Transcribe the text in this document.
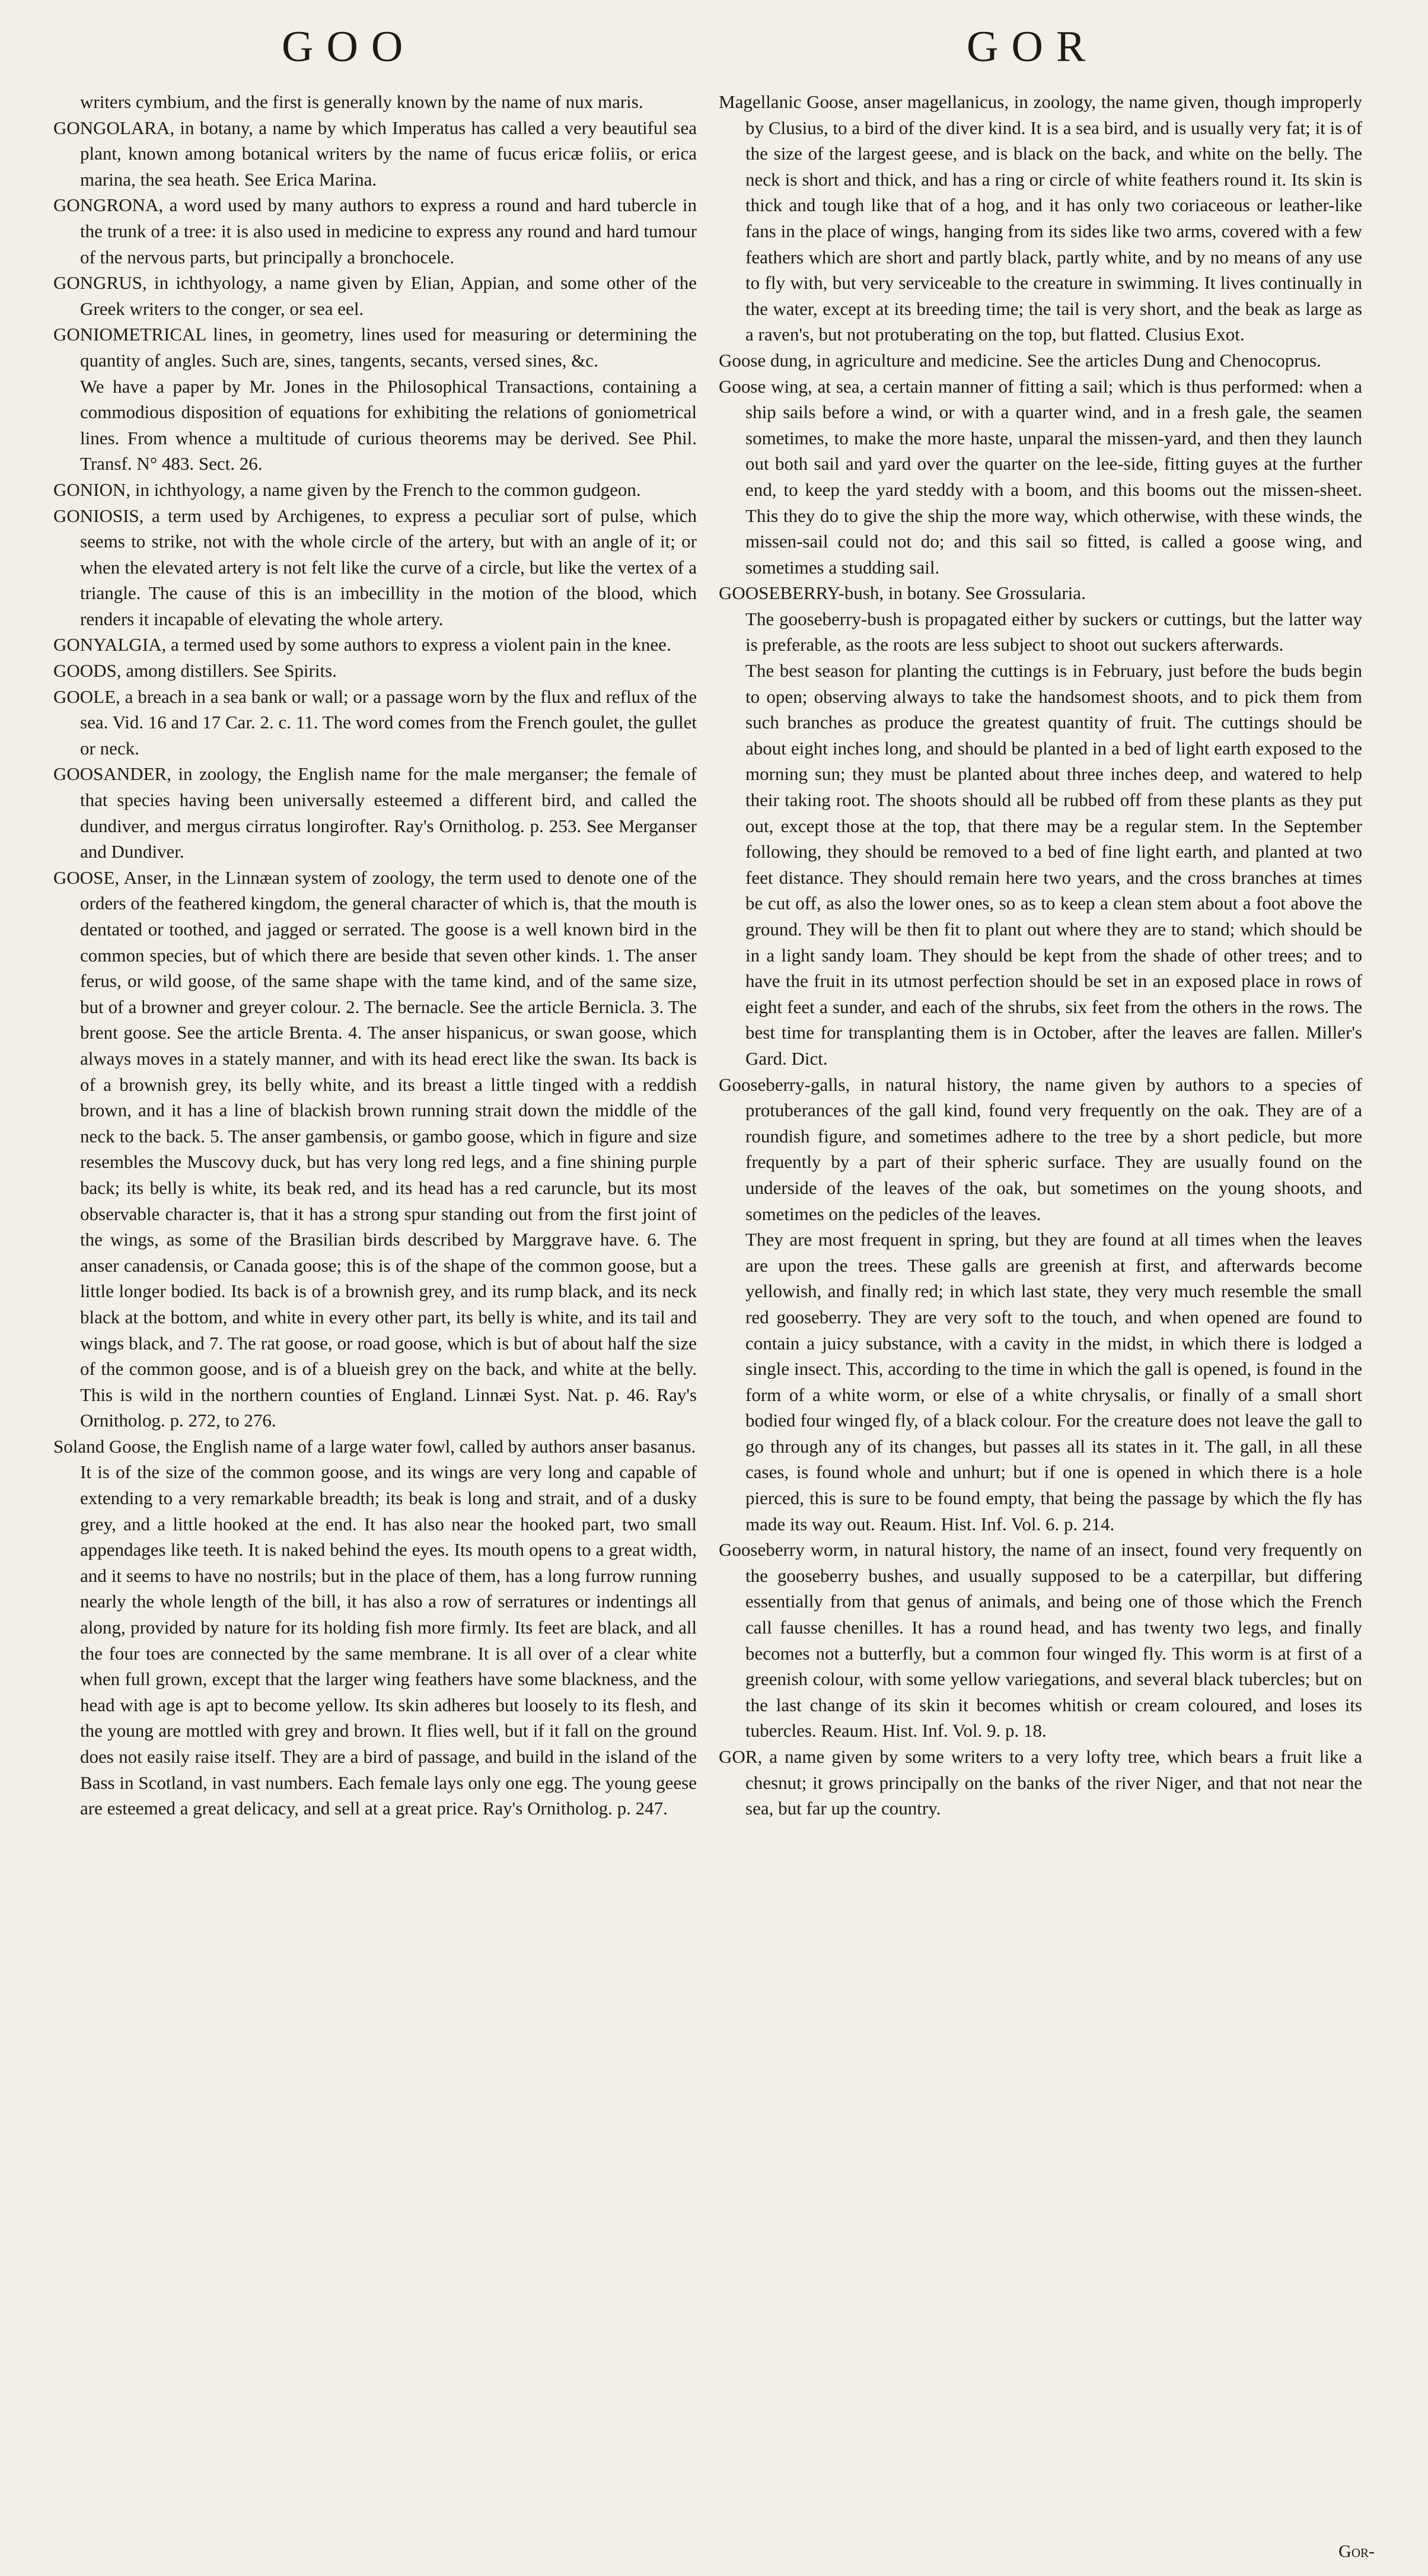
GOO	GOR

writers cymbium, and the first is generally known by the name of nux maris.

GONGOLARA, in botany, a name by which Imperatus has called a very beautiful sea plant, known among botanical writers by the name of fucus ericæ foliis, or erica marina, the sea heath. See Erica Marina.

GONGRONA, a word used by many authors to express a round and hard tubercle in the trunk of a tree: it is also used in medicine to express any round and hard tumour of the nervous parts, but principally a bronchocele.

GONGRUS, in ichthyology, a name given by Elian, Appian, and some other of the Greek writers to the conger, or sea eel.

GONIOMETRICAL lines, in geometry, lines used for measuring or determining the quantity of angles. Such are, sines, tangents, secants, versed sines, &c.

We have a paper by Mr. Jones in the Philosophical Transactions, containing a commodious disposition of equations for exhibiting the relations of goniometrical lines. From whence a multitude of curious theorems may be derived. See Phil. Transf. N° 483. Sect. 26.

GONION, in ichthyology, a name given by the French to the common gudgeon.

GONIOSIS, a term used by Archigenes, to express a peculiar sort of pulse, which seems to strike, not with the whole circle of the artery, but with an angle of it; or when the elevated artery is not felt like the curve of a circle, but like the vertex of a triangle. The cause of this is an imbecillity in the motion of the blood, which renders it incapable of elevating the whole artery.

GONYALGIA, a termed used by some authors to express a violent pain in the knee.

GOODS, among distillers. See Spirits.

GOOLE, a breach in a sea bank or wall; or a passage worn by the flux and reflux of the sea. Vid. 16 and 17 Car. 2. c. 11. The word comes from the French goulet, the gullet or neck.

GOOSANDER, in zoology, the English name for the male merganser; the female of that species having been universally esteemed a different bird, and called the dundiver, and mergus cirratus longirofter. Ray's Ornitholog. p. 253. See Merganser and Dundiver.

GOOSE, Anser, in the Linnæan system of zoology, the term used to denote one of the orders of the feathered kingdom, the general character of which is, that the mouth is dentated or toothed, and jagged or serrated. The goose is a well known bird in the common species, but of which there are beside that seven other kinds. 1. The anser ferus, or wild goose, of the same shape with the tame kind, and of the same size, but of a browner and greyer colour. 2. The bernacle. See the article Bernicla. 3. The brent goose. See the article Brenta. 4. The anser hispanicus, or swan goose, which always moves in a stately manner, and with its head erect like the swan. Its back is of a brownish grey, its belly white, and its breast a little tinged with a reddish brown, and it has a line of blackish brown running strait down the middle of the neck to the back. 5. The anser gambensis, or gambo goose, which in figure and size resembles the Muscovy duck, but has very long red legs, and a fine shining purple back; its belly is white, its beak red, and its head has a red caruncle, but its most observable character is, that it has a strong spur standing out from the first joint of the wings, as some of the Brasilian birds described by Marggrave have. 6. The anser canadensis, or Canada goose; this is of the shape of the common goose, but a little longer bodied. Its back is of a brownish grey, and its rump black, and its neck black at the bottom, and white in every other part, its belly is white, and its tail and wings black, and 7. The rat goose, or road goose, which is but of about half the size of the common goose, and is of a blueish grey on the back, and white at the belly. This is wild in the northern counties of England. Linnæi Syst. Nat. p. 46. Ray's Ornitholog. p. 272, to 276.

Soland Goose, the English name of a large water fowl, called by authors anser basanus.

It is of the size of the common goose, and its wings are very long and capable of extending to a very remarkable breadth; its beak is long and strait, and of a dusky grey, and a little hooked at the end. It has also near the hooked part, two small appendages like teeth. It is naked behind the eyes. Its mouth opens to a great width, and it seems to have no nostrils; but in the place of them, has a long furrow running nearly the whole length of the bill, it has also a row of serratures or indentings all along, provided by nature for its holding fish more firmly. Its feet are black, and all the four toes are connected by the same membrane. It is all over of a clear white when full grown, except that the larger wing feathers have some blackness, and the head with age is apt to become yellow. Its skin adheres but loosely to its flesh, and the young are mottled with grey and brown. It flies well, but if it fall on the ground does not easily raise itself. They are a bird of passage, and build in the island of the Bass in Scotland, in vast numbers. Each female lays only one egg. The young geese are esteemed a great delicacy, and sell at a great price. Ray's Ornitholog. p. 247.

Magellanic Goose, anser magellanicus, in zoology, the name given, though improperly by Clusius, to a bird of the diver kind. It is a sea bird, and is usually very fat; it is of the size of the largest geese, and is black on the back, and white on the belly. The neck is short and thick, and has a ring or circle of white feathers round it. Its skin is thick and tough like that of a hog, and it has only two coriaceous or leather-like fans in the place of wings, hanging from its sides like two arms, covered with a few feathers which are short and partly black, partly white, and by no means of any use to fly with, but very serviceable to the creature in swimming. It lives continually in the water, except at its breeding time; the tail is very short, and the beak as large as a raven's, but not protuberating on the top, but flatted. Clusius Exot.

Goose dung, in agriculture and medicine. See the articles Dung and Chenocoprus.

Goose wing, at sea, a certain manner of fitting a sail; which is thus performed: when a ship sails before a wind, or with a quarter wind, and in a fresh gale, the seamen sometimes, to make the more haste, unparal the missen-yard, and then they launch out both sail and yard over the quarter on the lee-side, fitting guyes at the further end, to keep the yard steddy with a boom, and this booms out the missen-sheet. This they do to give the ship the more way, which otherwise, with these winds, the missen-sail could not do; and this sail so fitted, is called a goose wing, and sometimes a studding sail.

GOOSEBERRY-bush, in botany. See Grossularia.

The gooseberry-bush is propagated either by suckers or cuttings, but the latter way is preferable, as the roots are less subject to shoot out suckers afterwards.

The best season for planting the cuttings is in February, just before the buds begin to open; observing always to take the handsomest shoots, and to pick them from such branches as produce the greatest quantity of fruit. The cuttings should be about eight inches long, and should be planted in a bed of light earth exposed to the morning sun; they must be planted about three inches deep, and watered to help their taking root. The shoots should all be rubbed off from these plants as they put out, except those at the top, that there may be a regular stem. In the September following, they should be removed to a bed of fine light earth, and planted at two feet distance. They should remain here two years, and the cross branches at times be cut off, as also the lower ones, so as to keep a clean stem about a foot above the ground. They will be then fit to plant out where they are to stand; which should be in a light sandy loam. They should be kept from the shade of other trees; and to have the fruit in its utmost perfection should be set in an exposed place in rows of eight feet a sunder, and each of the shrubs, six feet from the others in the rows. The best time for transplanting them is in October, after the leaves are fallen. Miller's Gard. Dict.

Gooseberry-galls, in natural history, the name given by authors to a species of protuberances of the gall kind, found very frequently on the oak. They are of a roundish figure, and sometimes adhere to the tree by a short pedicle, but more frequently by a part of their spheric surface. They are usually found on the underside of the leaves of the oak, but sometimes on the young shoots, and sometimes on the pedicles of the leaves.

They are most frequent in spring, but they are found at all times when the leaves are upon the trees. These galls are greenish at first, and afterwards become yellowish, and finally red; in which last state, they very much resemble the small red gooseberry. They are very soft to the touch, and when opened are found to contain a juicy substance, with a cavity in the midst, in which there is lodged a single insect. This, according to the time in which the gall is opened, is found in the form of a white worm, or else of a white chrysalis, or finally of a small short bodied four winged fly, of a black colour. For the creature does not leave the gall to go through any of its changes, but passes all its states in it. The gall, in all these cases, is found whole and unhurt; but if one is opened in which there is a hole pierced, this is sure to be found empty, that being the passage by which the fly has made its way out. Reaum. Hist. Inf. Vol. 6. p. 214.

Gooseberry worm, in natural history, the name of an insect, found very frequently on the gooseberry bushes, and usually supposed to be a caterpillar, but differing essentially from that genus of animals, and being one of those which the French call fausse chenilles. It has a round head, and has twenty two legs, and finally becomes not a butterfly, but a common four winged fly. This worm is at first of a greenish colour, with some yellow variegations, and several black tubercles; but on the last change of its skin it becomes whitish or cream coloured, and loses its tubercles. Reaum. Hist. Inf. Vol. 9. p. 18.

GOR, a name given by some writers to a very lofty tree, which bears a fruit like a chesnut; it grows principally on the banks of the river Niger, and that not near the sea, but far up the country.

Gor-
